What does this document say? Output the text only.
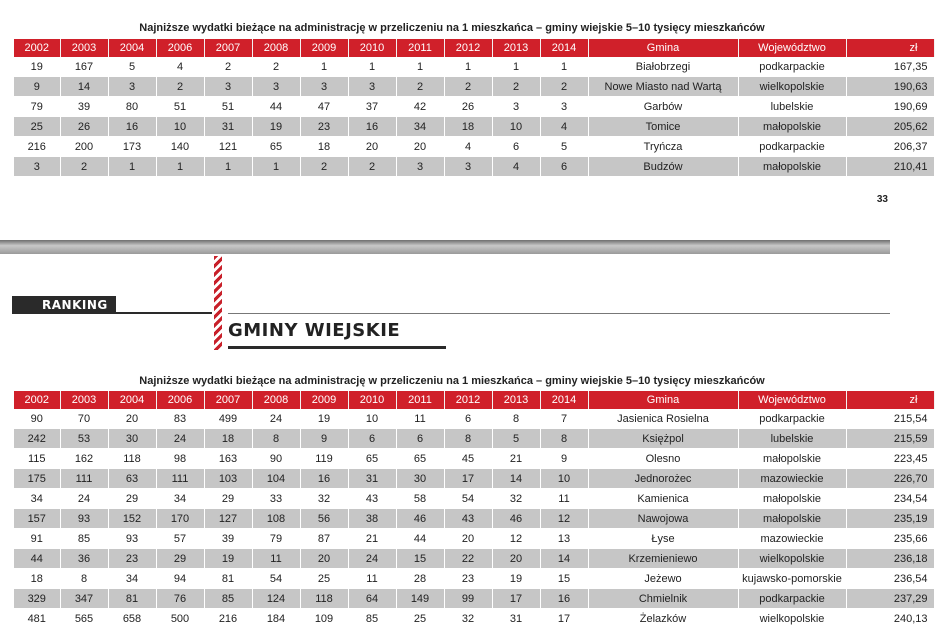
Najniższe wydatki bieżące na administrację w przeliczeniu na 1 mieszkańca – gminy wiejskie 5–10 tysięcy mieszkańców
2002	2003	2004	2006	2007	2008	2009	2010	2011	2012	2013	2014	Gmina	Województwo	zł
19	167	5	4	2	2	1	1	1	1	1	1	Białobrzegi	podkarpackie	167,35
9	14	3	2	3	3	3	3	2	2	2	2	Nowe Miasto nad Wartą	wielkopolskie	190,63
79	39	80	51	51	44	47	37	42	26	3	3	Garbów	lubelskie	190,69
25	26	16	10	31	19	23	16	34	18	10	4	Tomice	małopolskie	205,62
216	200	173	140	121	65	18	20	20	4	6	5	Tryńcza	podkarpackie	206,37
3	2	1	1	1	1	2	2	3	3	4	6	Budzów	małopolskie	210,41
33
RANKING
GMINY WIEJSKIE
Najniższe wydatki bieżące na administrację w przeliczeniu na 1 mieszkańca – gminy wiejskie 5–10 tysięcy mieszkańców
2002	2003	2004	2006	2007	2008	2009	2010	2011	2012	2013	2014	Gmina	Województwo	zł
90	70	20	83	499	24	19	10	11	6	8	7	Jasienica Rosielna	podkarpackie	215,54
242	53	30	24	18	8	9	6	6	8	5	8	Księżpol	lubelskie	215,59
115	162	118	98	163	90	119	65	65	45	21	9	Olesno	małopolskie	223,45
175	111	63	111	103	104	16	31	30	17	14	10	Jednorożec	mazowieckie	226,70
34	24	29	34	29	33	32	43	58	54	32	11	Kamienica	małopolskie	234,54
157	93	152	170	127	108	56	38	46	43	46	12	Nawojowa	małopolskie	235,19
91	85	93	57	39	79	87	21	44	20	12	13	Łyse	mazowieckie	235,66
44	36	23	29	19	11	20	24	15	22	20	14	Krzemieniewo	wielkopolskie	236,18
18	8	34	94	81	54	25	11	28	23	19	15	Jeżewo	kujawsko-pomorskie	236,54
329	347	81	76	85	124	118	64	149	99	17	16	Chmielnik	podkarpackie	237,29
481	565	658	500	216	184	109	85	25	32	31	17	Żelazków	wielkopolskie	240,13
